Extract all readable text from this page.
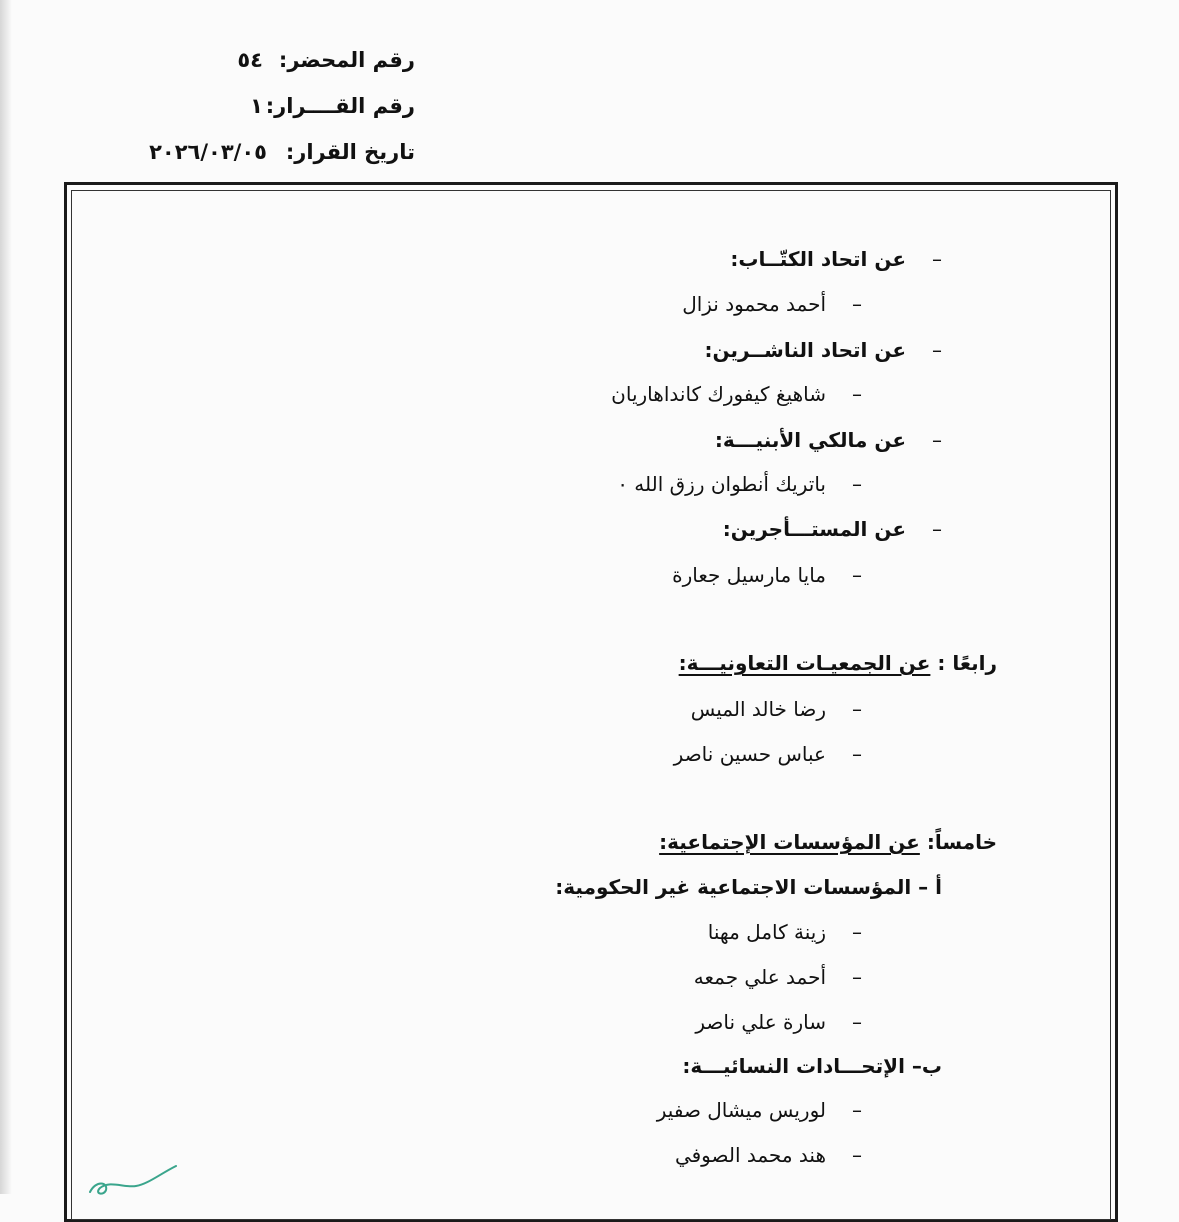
رقم المحضر:
٥٤
رقم القــــرار:
١
تاريخ القرار:
٢٠٢٦/٠٣/٠٥
–عن اتحاد الكتّــاب:
–أحمد محمود نزال
–عن اتحاد الناشــرين:
–شاهيغ كيفورك كانداهاريان
–عن مالكي الأبنيـــة:
–باتريك أنطوان رزق الله ٠
–عن المستـــأجرين:
–مايا مارسيل جعارة
رابعًا : عن الجمعيـات التعاونيـــة:
–رضا خالد الميس
–عباس حسين ناصر
خامساً: عن المؤسسات الإجتماعية:
أ – المؤسسات الاجتماعية غير الحكومية:
–زينة كامل مهنا
–أحمد علي جمعه
–سارة علي ناصر
ب– الإتحـــادات النسائيـــة:
–لوريس ميشال صفير
–هند محمد الصوفي
